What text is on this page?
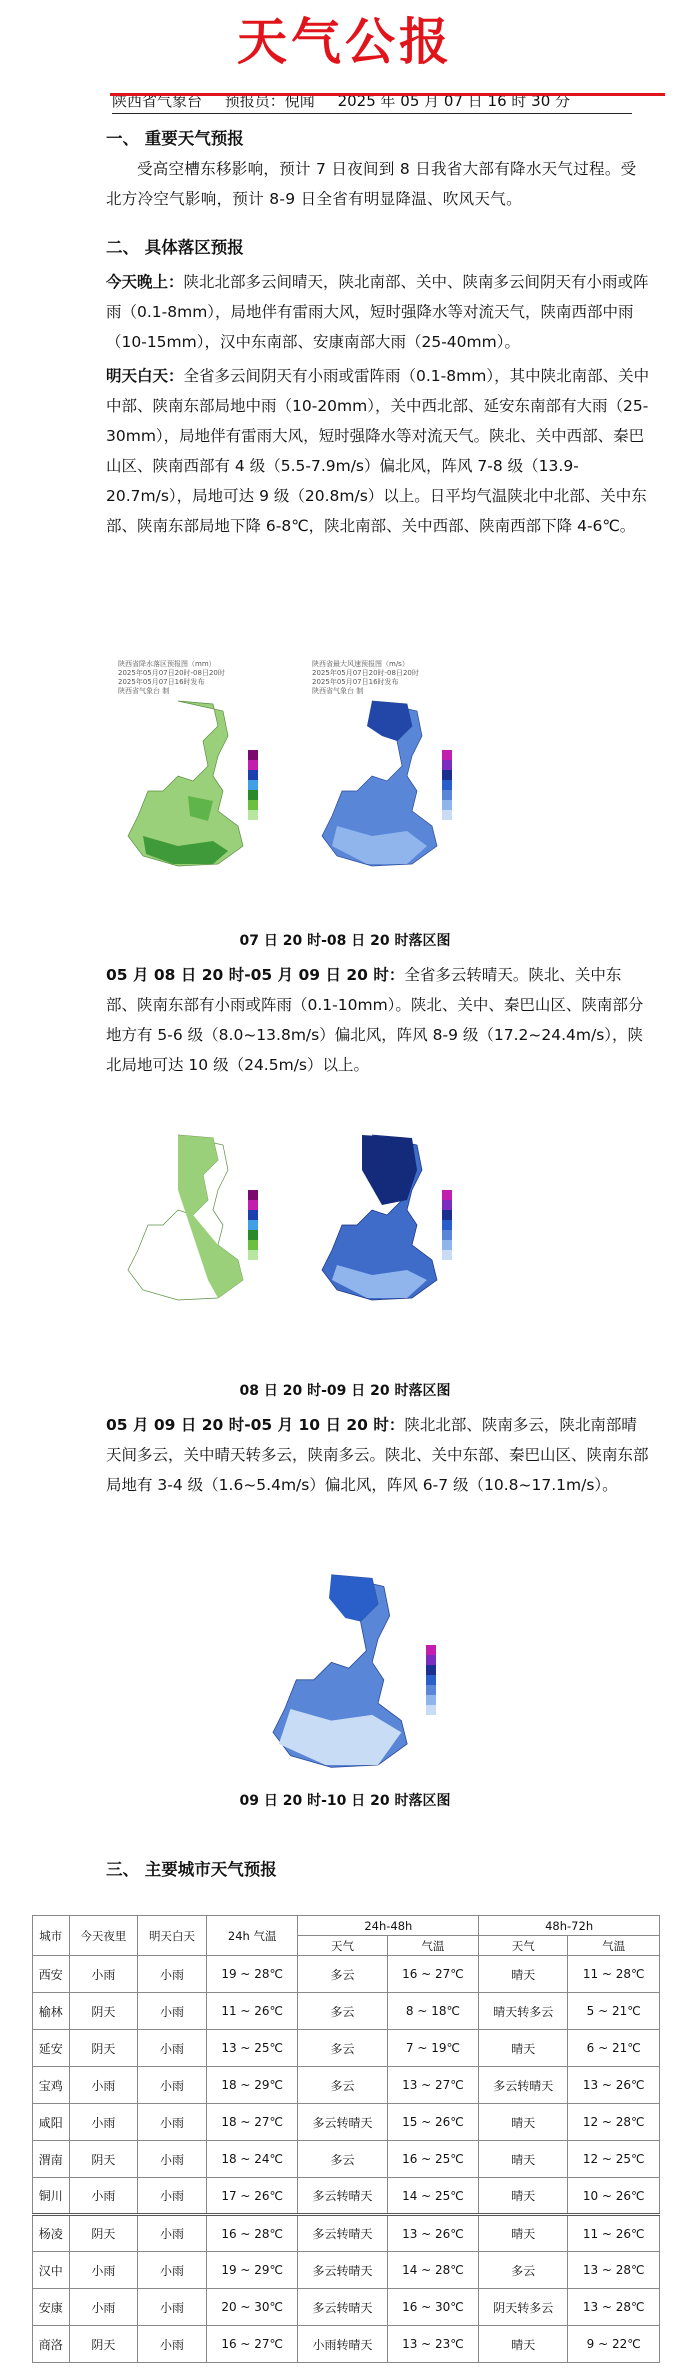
天气公报
陕西省气象台 预报员：倪闻 2025 年 05 月 07 日 16 时 30 分
一、 重要天气预报
受高空槽东移影响，预计 7 日夜间到 8 日我省大部有降水天气过程。受北方冷空气影响，预计 8-9 日全省有明显降温、吹风天气。
二、 具体落区预报
今天晚上：陕北北部多云间晴天，陕北南部、关中、陕南多云间阴天有小雨或阵雨（0.1-8mm），局地伴有雷雨大风，短时强降水等对流天气，陕南西部中雨（10-15mm），汉中东南部、安康南部大雨（25-40mm）。
明天白天：全省多云间阴天有小雨或雷阵雨（0.1-8mm），其中陕北南部、关中中部、陕南东部局地中雨（10-20mm），关中西北部、延安东南部有大雨（25-30mm），局地伴有雷雨大风，短时强降水等对流天气。陕北、关中西部、秦巴山区、陕南西部有 4 级（5.5-7.9m/s）偏北风，阵风 7-8 级（13.9-20.7m/s），局地可达 9 级（20.8m/s）以上。日平均气温陕北中北部、关中东部、陕南东部局地下降 6-8℃，陕北南部、关中西部、陕南西部下降 4-6℃。
陕西省降水落区预报图（mm）
2025年05月07日20时-08日20时
2025年05月07日16时发布
陕西省气象台 制
陕西省最大风速预报图（m/s）
2025年05月07日20时-08日20时
2025年05月07日16时发布
陕西省气象台 制
07 日 20 时-08 日 20 时落区图
05 月 08 日 20 时-05 月 09 日 20 时：全省多云转晴天。陕北、关中东部、陕南东部有小雨或阵雨（0.1-10mm）。陕北、关中、秦巴山区、陕南部分地方有 5-6 级（8.0~13.8m/s）偏北风，阵风 8-9 级（17.2~24.4m/s），陕北局地可达 10 级（24.5m/s）以上。
08 日 20 时-09 日 20 时落区图
05 月 09 日 20 时-05 月 10 日 20 时：陕北北部、陕南多云，陕北南部晴天间多云，关中晴天转多云，陕南多云。陕北、关中东部、秦巴山区、陕南东部局地有 3-4 级（1.6~5.4m/s）偏北风，阵风 6-7 级（10.8~17.1m/s）。
09 日 20 时-10 日 20 时落区图
三、 主要城市天气预报
城市	今天夜里	明天白天	24h 气温	24h-48h		48h-72h	
				天气	气温	天气	气温
西安	小雨	小雨	19 ~ 28℃	多云	16 ~ 27℃	晴天	11 ~ 28℃
榆林	阴天	小雨	11 ~ 26℃	多云	8 ~ 18℃	晴天转多云	5 ~ 21℃
延安	阴天	小雨	13 ~ 25℃	多云	7 ~ 19℃	晴天	6 ~ 21℃
宝鸡	小雨	小雨	18 ~ 29℃	多云	13 ~ 27℃	多云转晴天	13 ~ 26℃
咸阳	小雨	小雨	18 ~ 27℃	多云转晴天	15 ~ 26℃	晴天	12 ~ 28℃
渭南	阴天	小雨	18 ~ 24℃	多云	16 ~ 25℃	晴天	12 ~ 25℃
铜川	小雨	小雨	17 ~ 26℃	多云转晴天	14 ~ 25℃	晴天	10 ~ 26℃
杨凌	阴天	小雨	16 ~ 28℃	多云转晴天	13 ~ 26℃	晴天	11 ~ 26℃
汉中	小雨	小雨	19 ~ 29℃	多云转晴天	14 ~ 28℃	多云	13 ~ 28℃
安康	小雨	小雨	20 ~ 30℃	多云转晴天	16 ~ 30℃	阴天转多云	13 ~ 28℃
商洛	阴天	小雨	16 ~ 27℃	小雨转晴天	13 ~ 23℃	晴天	9 ~ 22℃
